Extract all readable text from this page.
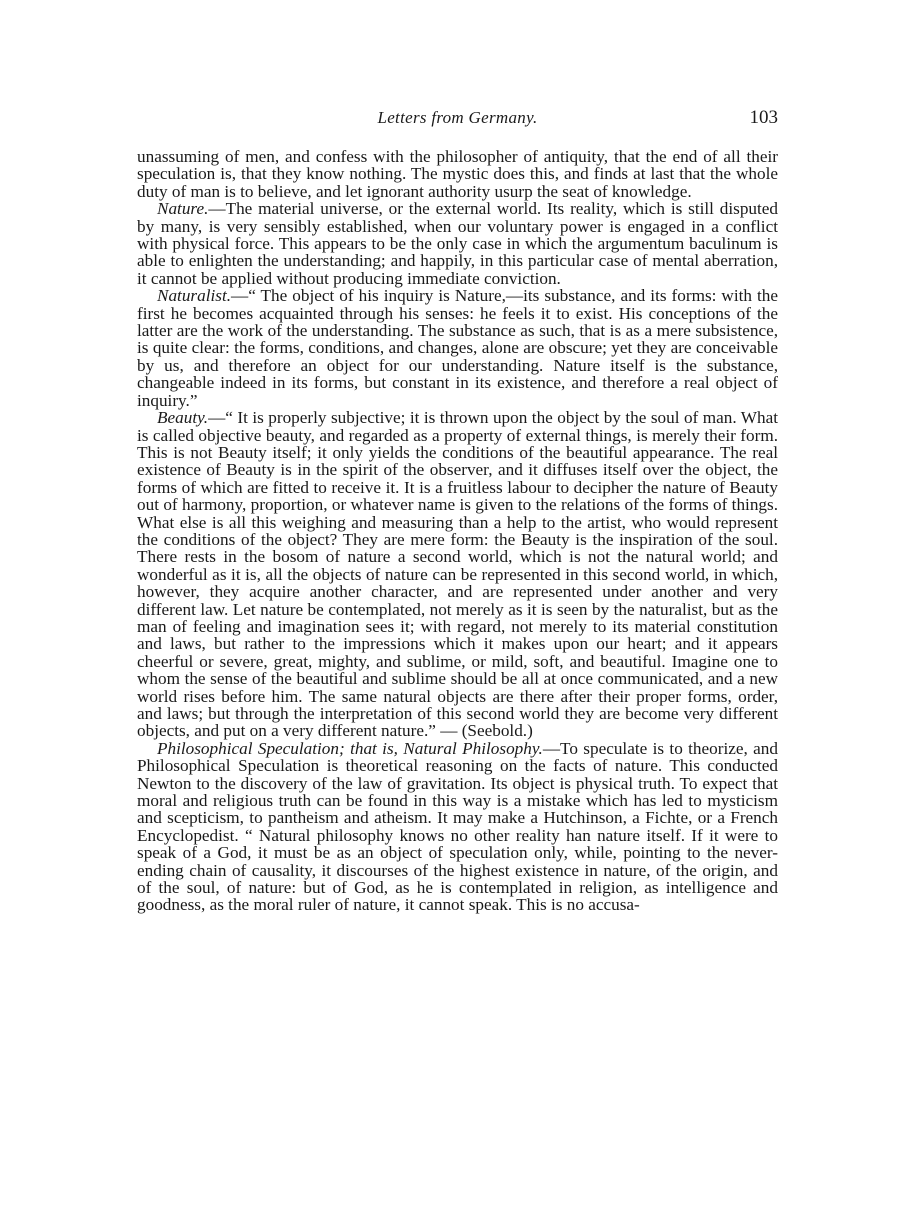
Letters from Germany.	103

unassuming of men, and confess with the philosopher of antiquity, that the end of all their speculation is, that they know nothing. The mystic does this, and finds at last that the whole duty of man is to believe, and let ignorant authority usurp the seat of knowledge.

Nature.—The material universe, or the external world. Its reality, which is still disputed by many, is very sensibly established, when our voluntary power is engaged in a conflict with physical force. This appears to be the only case in which the argumentum baculinum is able to enlighten the understanding; and happily, in this particular case of mental aberration, it cannot be applied without producing immediate conviction.

Naturalist.—“ The object of his inquiry is Nature,—its substance, and its forms: with the first he becomes acquainted through his senses: he feels it to exist. His conceptions of the latter are the work of the understanding. The substance as such, that is as a mere subsistence, is quite clear: the forms, conditions, and changes, alone are obscure; yet they are conceivable by us, and therefore an object for our understanding. Nature itself is the substance, changeable indeed in its forms, but constant in its existence, and therefore a real object of inquiry.”

Beauty.—“ It is properly subjective; it is thrown upon the object by the soul of man. What is called objective beauty, and regarded as a property of external things, is merely their form. This is not Beauty itself; it only yields the conditions of the beautiful appearance. The real existence of Beauty is in the spirit of the observer, and it diffuses itself over the object, the forms of which are fitted to receive it. It is a fruitless labour to decipher the nature of Beauty out of harmony, proportion, or whatever name is given to the relations of the forms of things. What else is all this weighing and measuring than a help to the artist, who would represent the conditions of the object? They are mere form: the Beauty is the inspiration of the soul. There rests in the bosom of nature a second world, which is not the natural world; and wonderful as it is, all the objects of nature can be represented in this second world, in which, however, they acquire another character, and are represented under another and very different law. Let nature be contemplated, not merely as it is seen by the naturalist, but as the man of feeling and imagination sees it; with regard, not merely to its material constitution and laws, but rather to the impressions which it makes upon our heart; and it appears cheerful or severe, great, mighty, and sublime, or mild, soft, and beautiful. Imagine one to whom the sense of the beautiful and sublime should be all at once communicated, and a new world rises before him. The same natural objects are there after their proper forms, order, and laws; but through the interpretation of this second world they are become very different objects, and put on a very different nature.” — (Seebold.)

Philosophical Speculation; that is, Natural Philosophy.—To speculate is to theorize, and Philosophical Speculation is theoretical reasoning on the facts of nature. This conducted Newton to the discovery of the law of gravitation. Its object is physical truth. To expect that moral and religious truth can be found in this way is a mistake which has led to mysticism and scepticism, to pantheism and atheism. It may make a Hutchinson, a Fichte, or a French Encyclopedist. “ Natural philosophy knows no other reality han nature itself. If it were to speak of a God, it must be as an object of speculation only, while, pointing to the never-ending chain of causality, it discourses of the highest existence in nature, of the origin, and of the soul, of nature: but of God, as he is contemplated in religion, as intelligence and goodness, as the moral ruler of nature, it cannot speak. This is no accusa-
